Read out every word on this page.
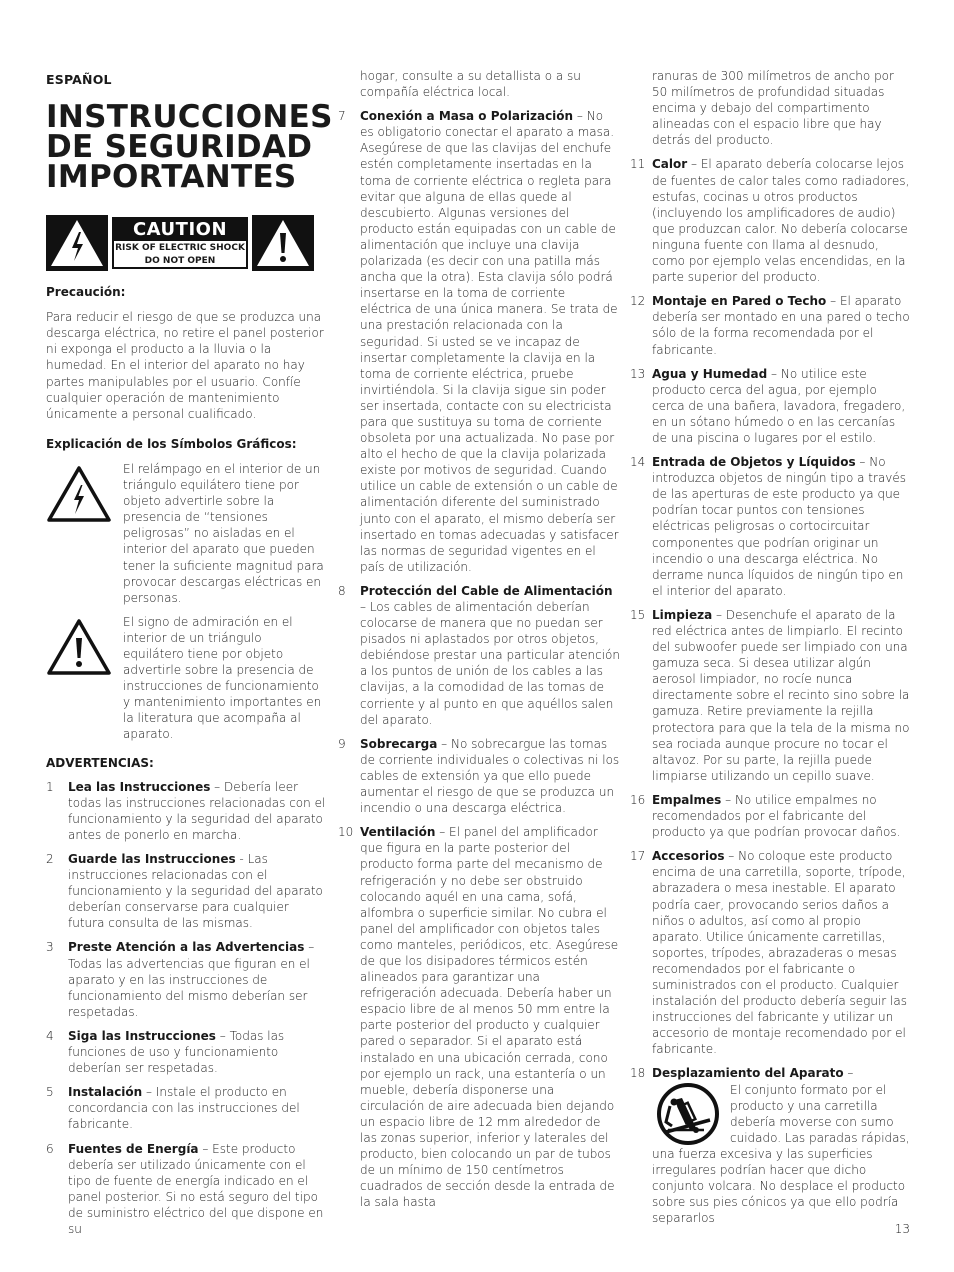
ESPAÑOL
INSTRUCCIONES
DE SEGURIDAD
IMPORTANTES
CAUTION
RISK OF ELECTRIC SHOCK
DO NOT OPEN
Precaución:

Para reducir el riesgo de que se produzca una descarga eléctrica, no retire el panel posterior ni exponga el producto a la lluvia o la humedad. En el interior del aparato no hay partes manipulables por el usuario. Confíe cualquier operación de mantenimiento únicamente a personal cualificado.

Explicación de los Símbolos Gráficos:
El relámpago en el interior de un triángulo equilátero tiene por objeto advertirle sobre la presencia de “tensiones peligrosas” no aisladas en el interior del aparato que pueden tener la suficiente magnitud para provocar descargas eléctricas en personas.
El signo de admiración en el interior de un triángulo equilátero tiene por objeto advertirle sobre la presencia de instrucciones de funcionamiento y mantenimiento importantes en la literatura que acompaña al aparato.
ADVERTENCIAS:
1	Lea las Instrucciones – Debería leer todas las instrucciones relacionadas con el funcionamiento y la seguridad del aparato antes de ponerlo en marcha.
2	Guarde las Instrucciones - Las instrucciones relacionadas con el funcionamiento y la seguridad del aparato deberían conservarse para cualquier futura consulta de las mismas.
3	Preste Atención a las Advertencias – Todas las advertencias que figuran en el aparato y en las instrucciones de funcionamiento del mismo deberían ser respetadas.
4	Siga las Instrucciones – Todas las funciones de uso y funcionamiento deberían ser respetadas.
5	Instalación – Instale el producto en concordancia con las instrucciones del fabricante.
6	Fuentes de Energía – Este producto debería ser utilizado únicamente con el tipo de fuente de energía indicado en el panel posterior. Si no está seguro del tipo de suministro eléctrico del que dispone en su
hogar, consulte a su detallista o a su compañía eléctrica local.
7	Conexión a Masa o Polarización – No es obligatorio conectar el aparato a masa. Asegúrese de que las clavijas del enchufe estén completamente insertadas en la toma de corriente eléctrica o regleta para evitar que alguna de ellas quede al descubierto. Algunas versiones del producto están equipadas con un cable de alimentación que incluye una clavija polarizada (es decir con una patilla más ancha que la otra). Esta clavija sólo podrá insertarse en la toma de corriente eléctrica de una única manera. Se trata de una prestación relacionada con la seguridad. Si usted se ve incapaz de insertar completamente la clavija en la toma de corriente eléctrica, pruebe invirtiéndola. Si la clavija sigue sin poder ser insertada, contacte con su electricista para que sustituya su toma de corriente obsoleta por una actualizada. No pase por alto el hecho de que la clavija polarizada existe por motivos de seguridad. Cuando utilice un cable de extensión o un cable de alimentación diferente del suministrado junto con el aparato, el mismo debería ser insertado en tomas adecuadas y satisfacer las normas de seguridad vigentes en el país de utilización.
8	Protección del Cable de Alimentación – Los cables de alimentación deberían colocarse de manera que no puedan ser pisados ni aplastados por otros objetos, debiéndose prestar una particular atención a los puntos de unión de los cables a las clavijas, a la comodidad de las tomas de corriente y al punto en que aquéllos salen del aparato.
9	Sobrecarga – No sobrecargue las tomas de corriente individuales o colectivas ni los cables de extensión ya que ello puede aumentar el riesgo de que se produzca un incendio o una descarga eléctrica.
10 Ventilación – El panel del amplificador que figura en la parte posterior del producto forma parte del mecanismo de refrigeración y no debe ser obstruido colocando aquél en una cama, sofá, alfombra o superficie similar. No cubra el panel del amplificador con objetos tales como manteles, periódicos, etc. Asegúrese de que los disipadores térmicos estén alineados para garantizar una refrigeración adecuada. Debería haber un espacio libre de al menos 50 mm entre la parte posterior del producto y cualquier pared o separador. Si el aparato está instalado en una ubicación cerrada, cono por ejemplo un rack, una estantería o un mueble, debería disponerse una circulación de aire adecuada bien dejando un espacio libre de 12 mm alrededor de las zonas superior, inferior y laterales del producto, bien colocando un par de tubos de un mínimo de 150 centímetros cuadrados de sección desde la entrada de la sala hasta
ranuras de 300 milímetros de ancho por 50 milímetros de profundidad situadas encima y debajo del compartimento alineadas con el espacio libre que hay detrás del producto.
11 Calor – El aparato debería colocarse lejos de fuentes de calor tales como radiadores, estufas, cocinas u otros productos (incluyendo los amplificadores de audio) que produzcan calor. No debería colocarse ninguna fuente con llama al desnudo, como por ejemplo velas encendidas, en la parte superior del producto.
12 Montaje en Pared o Techo – El aparato debería ser montado en una pared o techo sólo de la forma recomendada por el fabricante.
13 Agua y Humedad – No utilice este producto cerca del agua, por ejemplo cerca de una bañera, lavadora, fregadero, en un sótano húmedo o en las cercanías de una piscina o lugares por el estilo.
14 Entrada de Objetos y Líquidos – No introduzca objetos de ningún tipo a través de las aperturas de este producto ya que podrían tocar puntos con tensiones eléctricas peligrosas o cortocircuitar componentes que podrían originar un incendio o una descarga eléctrica. No derrame nunca líquidos de ningún tipo en el interior del aparato.
15 Limpieza – Desenchufe el aparato de la red eléctrica antes de limpiarlo. El recinto del subwoofer puede ser limpiado con una gamuza seca. Si desea utilizar algún aerosol limpiador, no rocíe nunca directamente sobre el recinto sino sobre la gamuza. Retire previamente la rejilla protectora para que la tela de la misma no sea rociada aunque procure no tocar el altavoz. Por su parte, la rejilla puede limpiarse utilizando un cepillo suave.
16 Empalmes – No utilice empalmes no recomendados por el fabricante del producto ya que podrían provocar daños.
17 Accesorios – No coloque este producto encima de una carretilla, soporte, trípode, abrazadera o mesa inestable. El aparato podría caer, provocando serios daños a niños o adultos, así como al propio aparato. Utilice únicamente carretillas, soportes, trípodes, abrazaderas o mesas recomendados por el fabricante o suministrados con el producto. Cualquier instalación del producto debería seguir las instrucciones del fabricante y utilizar un accesorio de montaje recomendado por el fabricante.
18 Desplazamiento del Aparato –

El conjunto formato por el producto y una carretilla debería moverse con sumo cuidado. Las paradas rápidas, una fuerza excesiva y las superficies irregulares podrían hacer que dicho conjunto volcara. No desplace el producto sobre sus pies cónicos ya que ello podría separarlos
13
